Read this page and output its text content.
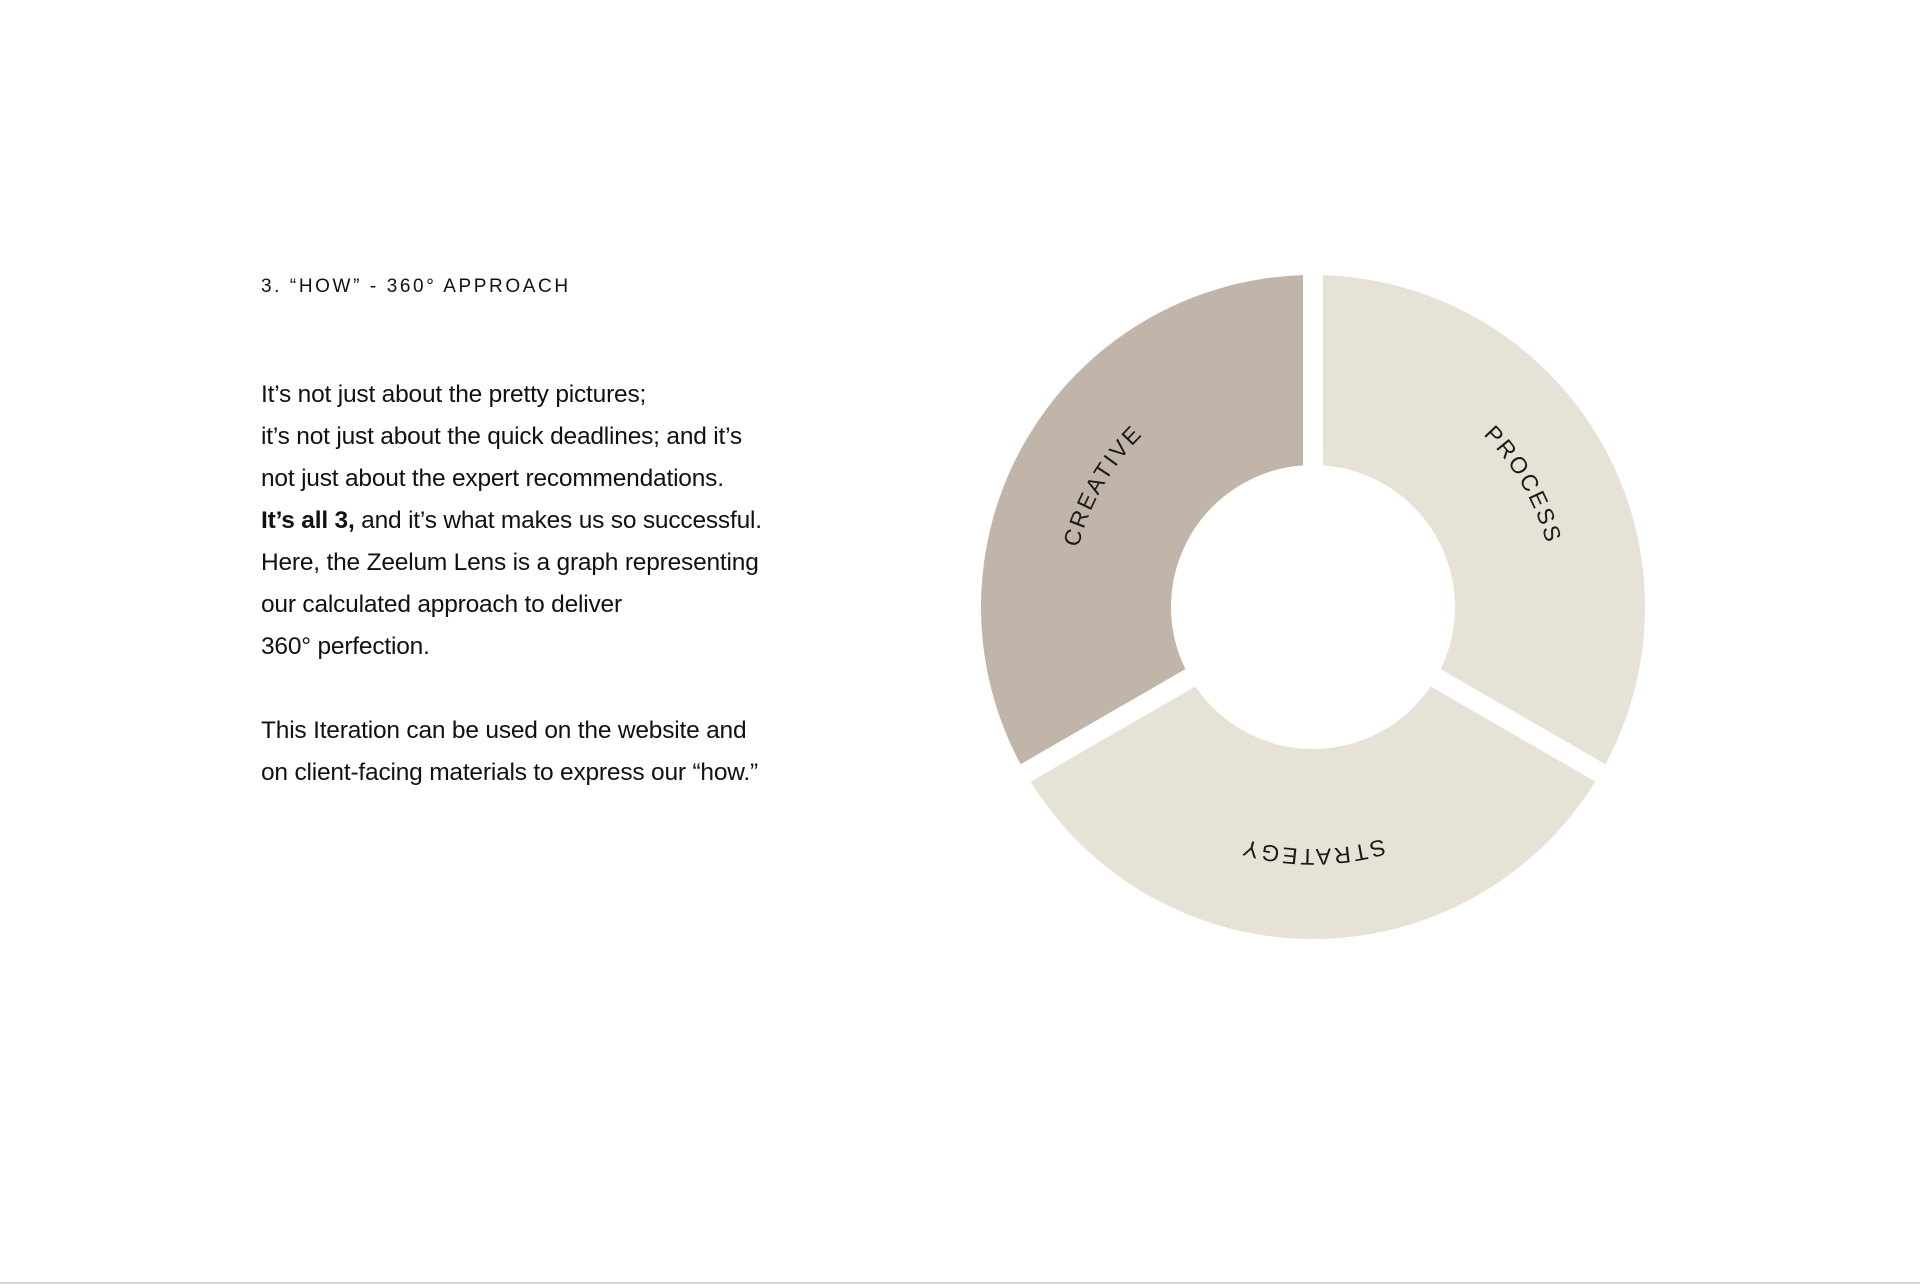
3. “HOW” - 360° APPROACH

It’s not just about the pretty pictures;
it’s not just about the quick deadlines; and it’s
not just about the expert recommendations.
It’s all 3, and it’s what makes us so successful.
Here, the Zeelum Lens is a graph representing
our calculated approach to deliver
360° perfection.

This Iteration can be used on the website and
on client-facing materials to express our “how.”

PROCESS
STRATEGY
CREATIVE
